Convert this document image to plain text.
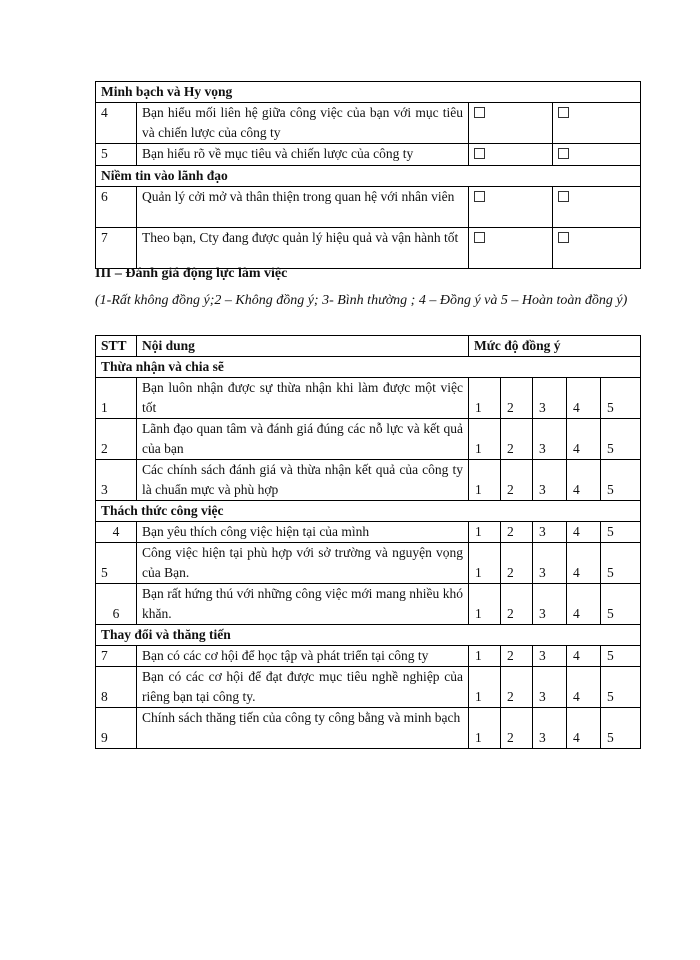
Minh bạch và Hy vọng			
4	Bạn hiểu mối liên hệ giữa công việc của bạn với mục tiêu và chiến lược của công ty		
5	Bạn hiểu rõ về mục tiêu và chiến lược của công ty		
Niềm tin vào lãnh đạo			
6	Quản lý cởi mở và thân thiện trong quan hệ với nhân viên		
7	Theo bạn, Cty đang được quản lý hiệu quả và vận hành tốt		
III – Đánh giá động lực làm việc
(1-Rất không đồng ý;2 – Không đồng ý; 3- Bình thường ; 4 – Đồng ý và 5 – Hoàn toàn đồng ý)
STT	Nội dung	Mức độ đồng ý				
Thừa nhận và chia sẽ						
1	Bạn luôn nhận được sự thừa nhận khi làm được một việc tốt	1	2	3	4	5
2	Lãnh đạo quan tâm và đánh giá đúng các nỗ lực và kết quả của bạn	1	2	3	4	5
3	Các chính sách đánh giá và thừa nhận kết quả của công ty là chuẩn mực và phù hợp	1	2	3	4	5
Thách thức công việc						
4	Bạn yêu thích công việc hiện tại của mình	1	2	3	4	5
5	Công việc hiện tại phù hợp với sở trường và nguyện vọng của Bạn.	1	2	3	4	5
6	Bạn rất hứng thú với những công việc mới mang nhiều khó khăn.	1	2	3	4	5
Thay đổi và thăng tiến						
7	Bạn có các cơ hội để học tập và phát triển tại công ty	1	2	3	4	5
8	Bạn có các cơ hội để đạt được mục tiêu nghề nghiệp của riêng bạn tại công ty.	1	2	3	4	5
9	Chính sách thăng tiến của công ty công bằng và minh bạch	1	2	3	4	5
